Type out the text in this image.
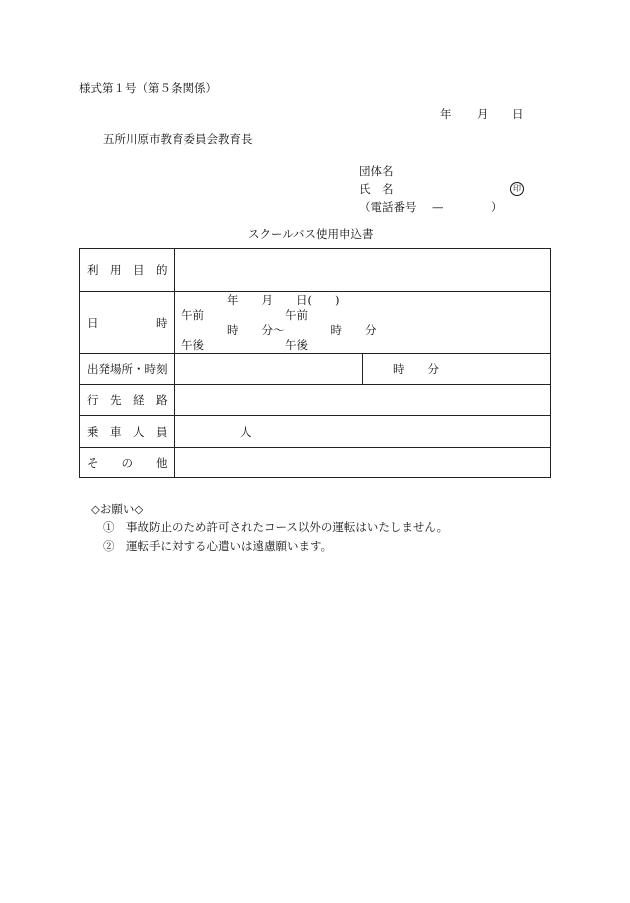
様式第１号（第５条関係）
年 月 日
五所川原市教育委員会教育長
団体名
氏　名	印
（電話番号 —	）
スクールバス使用申込書
利　用　目　的
日　　　　　時
年　　月　　日(　　)
午前	午前
時　　分～　　　　時　　分
午後	午後
出発場所・時刻	時　　分
行　先　経　路
乗　車　人　員	人
そ　　の　　他
◇お願い◇
①　事故防止のため許可されたコース以外の運転はいたしません。
②　運転手に対する心遣いは遠慮願います。
